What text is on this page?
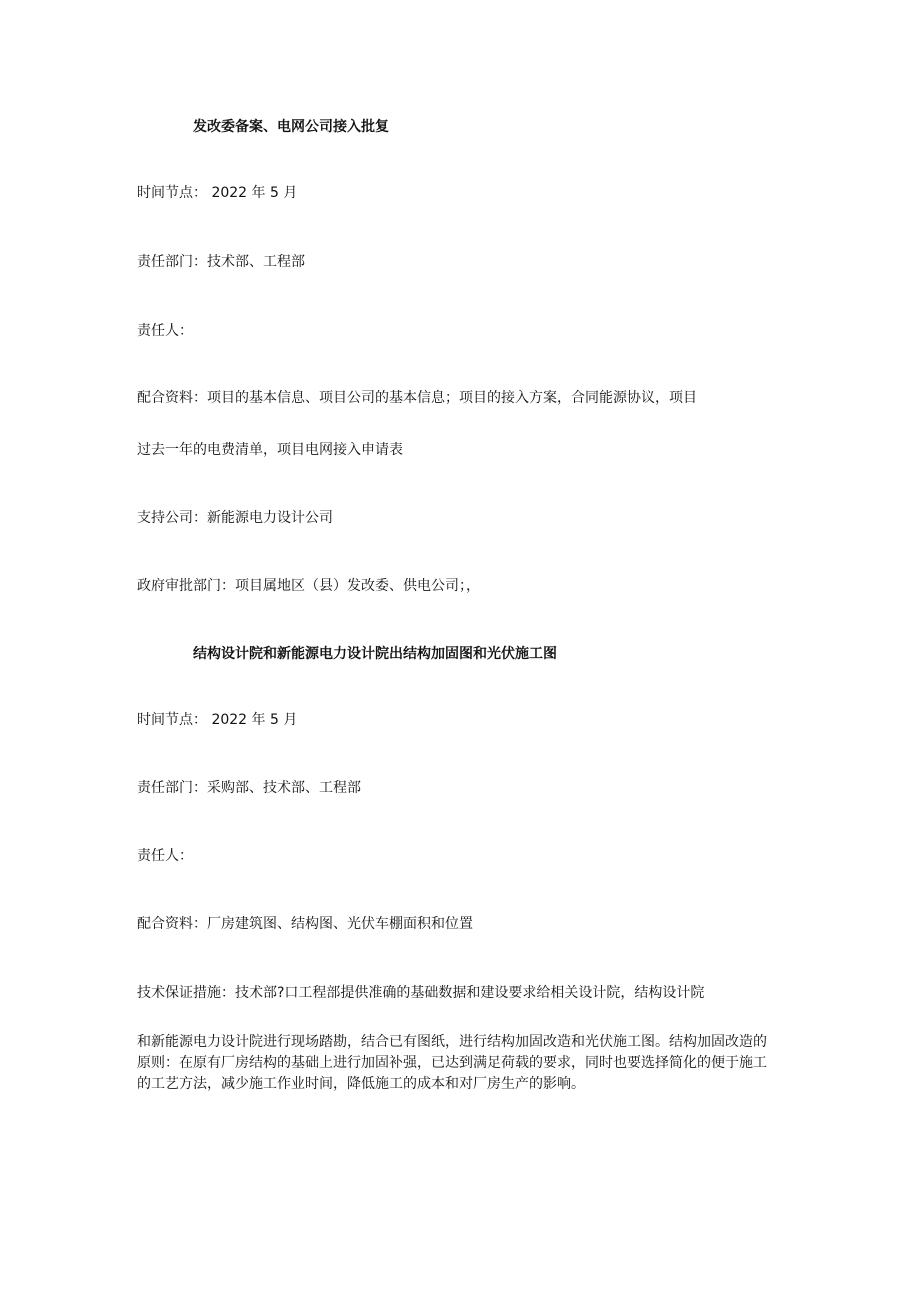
发改委备案、电网公司接入批复

时间节点： 2022 年 5 月

责任部门：技术部、工程部

责任人：

配合资料：项目的基本信息、项目公司的基本信息；项目的接入方案，合同能源协议，项目

过去一年的电费清单，项目电网接入申请表

支持公司：新能源电力设计公司

政府审批部门：项目属地区（县）发改委、供电公司；，

结构设计院和新能源电力设计院出结构加固图和光伏施工图

时间节点： 2022 年 5 月

责任部门：采购部、技术部、工程部

责任人：

配合资料：厂房建筑图、结构图、光伏车棚面积和位置

技术保证措施：技术部?口工程部提供准确的基础数据和建设要求给相关设计院，结构设计院

和新能源电力设计院进行现场踏勘，结合已有图纸，进行结构加固改造和光伏施工图。结构加固改造的原则：在原有厂房结构的基础上进行加固补强，已达到满足荷载的要求，同时也要选择简化的便于施工的工艺方法，减少施工作业时间，降低施工的成本和对厂房生产的影响。
